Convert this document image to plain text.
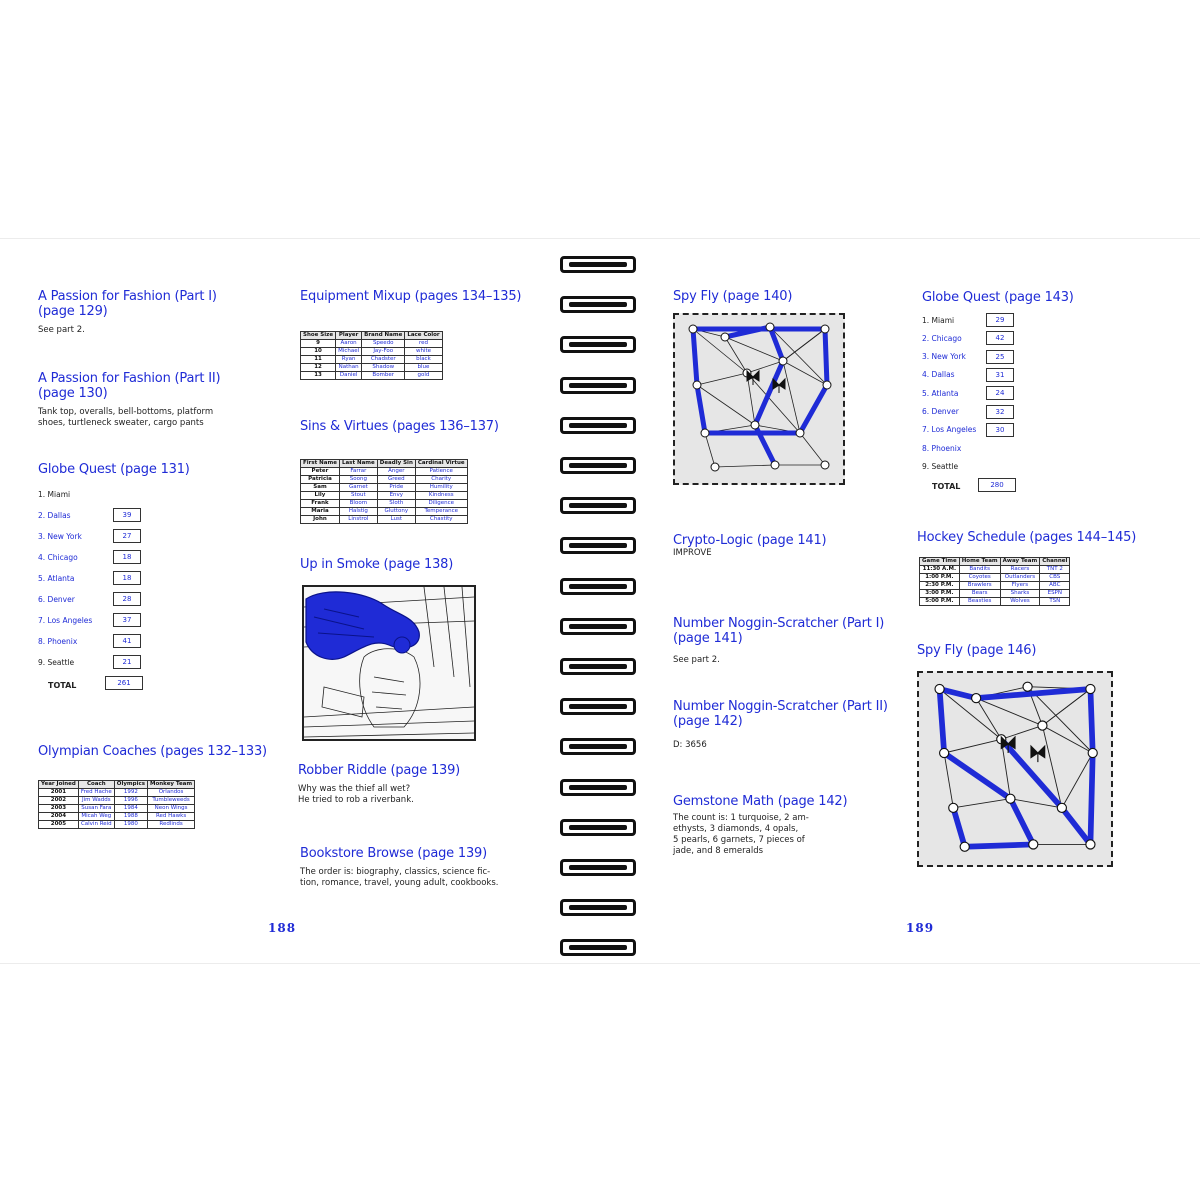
A Passion for Fashion (Part I)
(page 129)

See part 2.

A Passion for Fashion (Part II)
(page 130)
Tank top, overalls, bell-bottoms, platform
shoes, turtleneck sweater, cargo pants
Globe Quest (page 131)
1. Miami
2. Dallas	39
3. New York	27
4. Chicago	18
5. Atlanta	18
6. Denver	28
7. Los Angeles	37
8. Phoenix	41
9. Seattle	21
TOTAL	261
Olympian Coaches (pages 132–133)
Year Joined	Coach	Olympics	Monkey Team
2001	Fred Hache	1992	Orlandos
2002	Jim Wadds	1996	Tumbleweeds
2003	Susan Fara	1984	Neon Wings
2004	Micah Weg	1988	Red Hawks
2005	Calvin Reid	1980	Redlinds
Equipment Mixup (pages 134–135)
Shoe Size	Player	Brand Name	Lace Color
9	Aaron	Speedo	red
10	Michael	Jay-Foo	white
11	Ryan	Chadster	black
12	Nathan	Shadow	blue
13	Daniel	Bomber	gold
Sins & Virtues (pages 136–137)
First Name	Last Name	Deadly Sin	Cardinal Virtue
Peter	Farrar	Anger	Patience
Patricia	Soong	Greed	Charity
Sam	Garnet	Pride	Humility
Lily	Stout	Envy	Kindness
Frank	Bloom	Sloth	Diligence
Maria	Halstig	Gluttony	Temperance
John	Linstrol	Lust	Chastity
Up in Smoke (page 138)
Robber Riddle (page 139)
Why was the thief all wet?
He tried to rob a riverbank.
Bookstore Browse (page 139)
The order is: biography, classics, science fic-
tion, romance, travel, young adult, cookbooks.
188
Spy Fly (page 140)
Crypto-Logic (page 141)

IMPROVE

Number Noggin-Scratcher (Part I)
(page 141)

See part 2.

Number Noggin-Scratcher (Part II)
(page 142)

D: 3656

Gemstone Math (page 142)
The count is: 1 turquoise, 2 am-
ethysts, 3 diamonds, 4 opals,
5 pearls, 6 garnets, 7 pieces of
jade, and 8 emeralds
Globe Quest (page 143)
1. Miami	29
2. Chicago	42
3. New York	25
4. Dallas	31
5. Atlanta	24
6. Denver	32
7. Los Angeles	30
8. Phoenix
9. Seattle
TOTAL	280
Hockey Schedule (pages 144–145)
Game Time	Home Team	Away Team	Channel
11:30 A.M.	Bandits	Racers	TNT 2
1:00 P.M.	Coyotes	Outlanders	CBS
2:30 P.M.	Brawlers	Flyers	ABC
3:00 P.M.	Bears	Sharks	ESPN
5:00 P.M.	Beasties	Wolves	TSN
Spy Fly (page 146)
189
